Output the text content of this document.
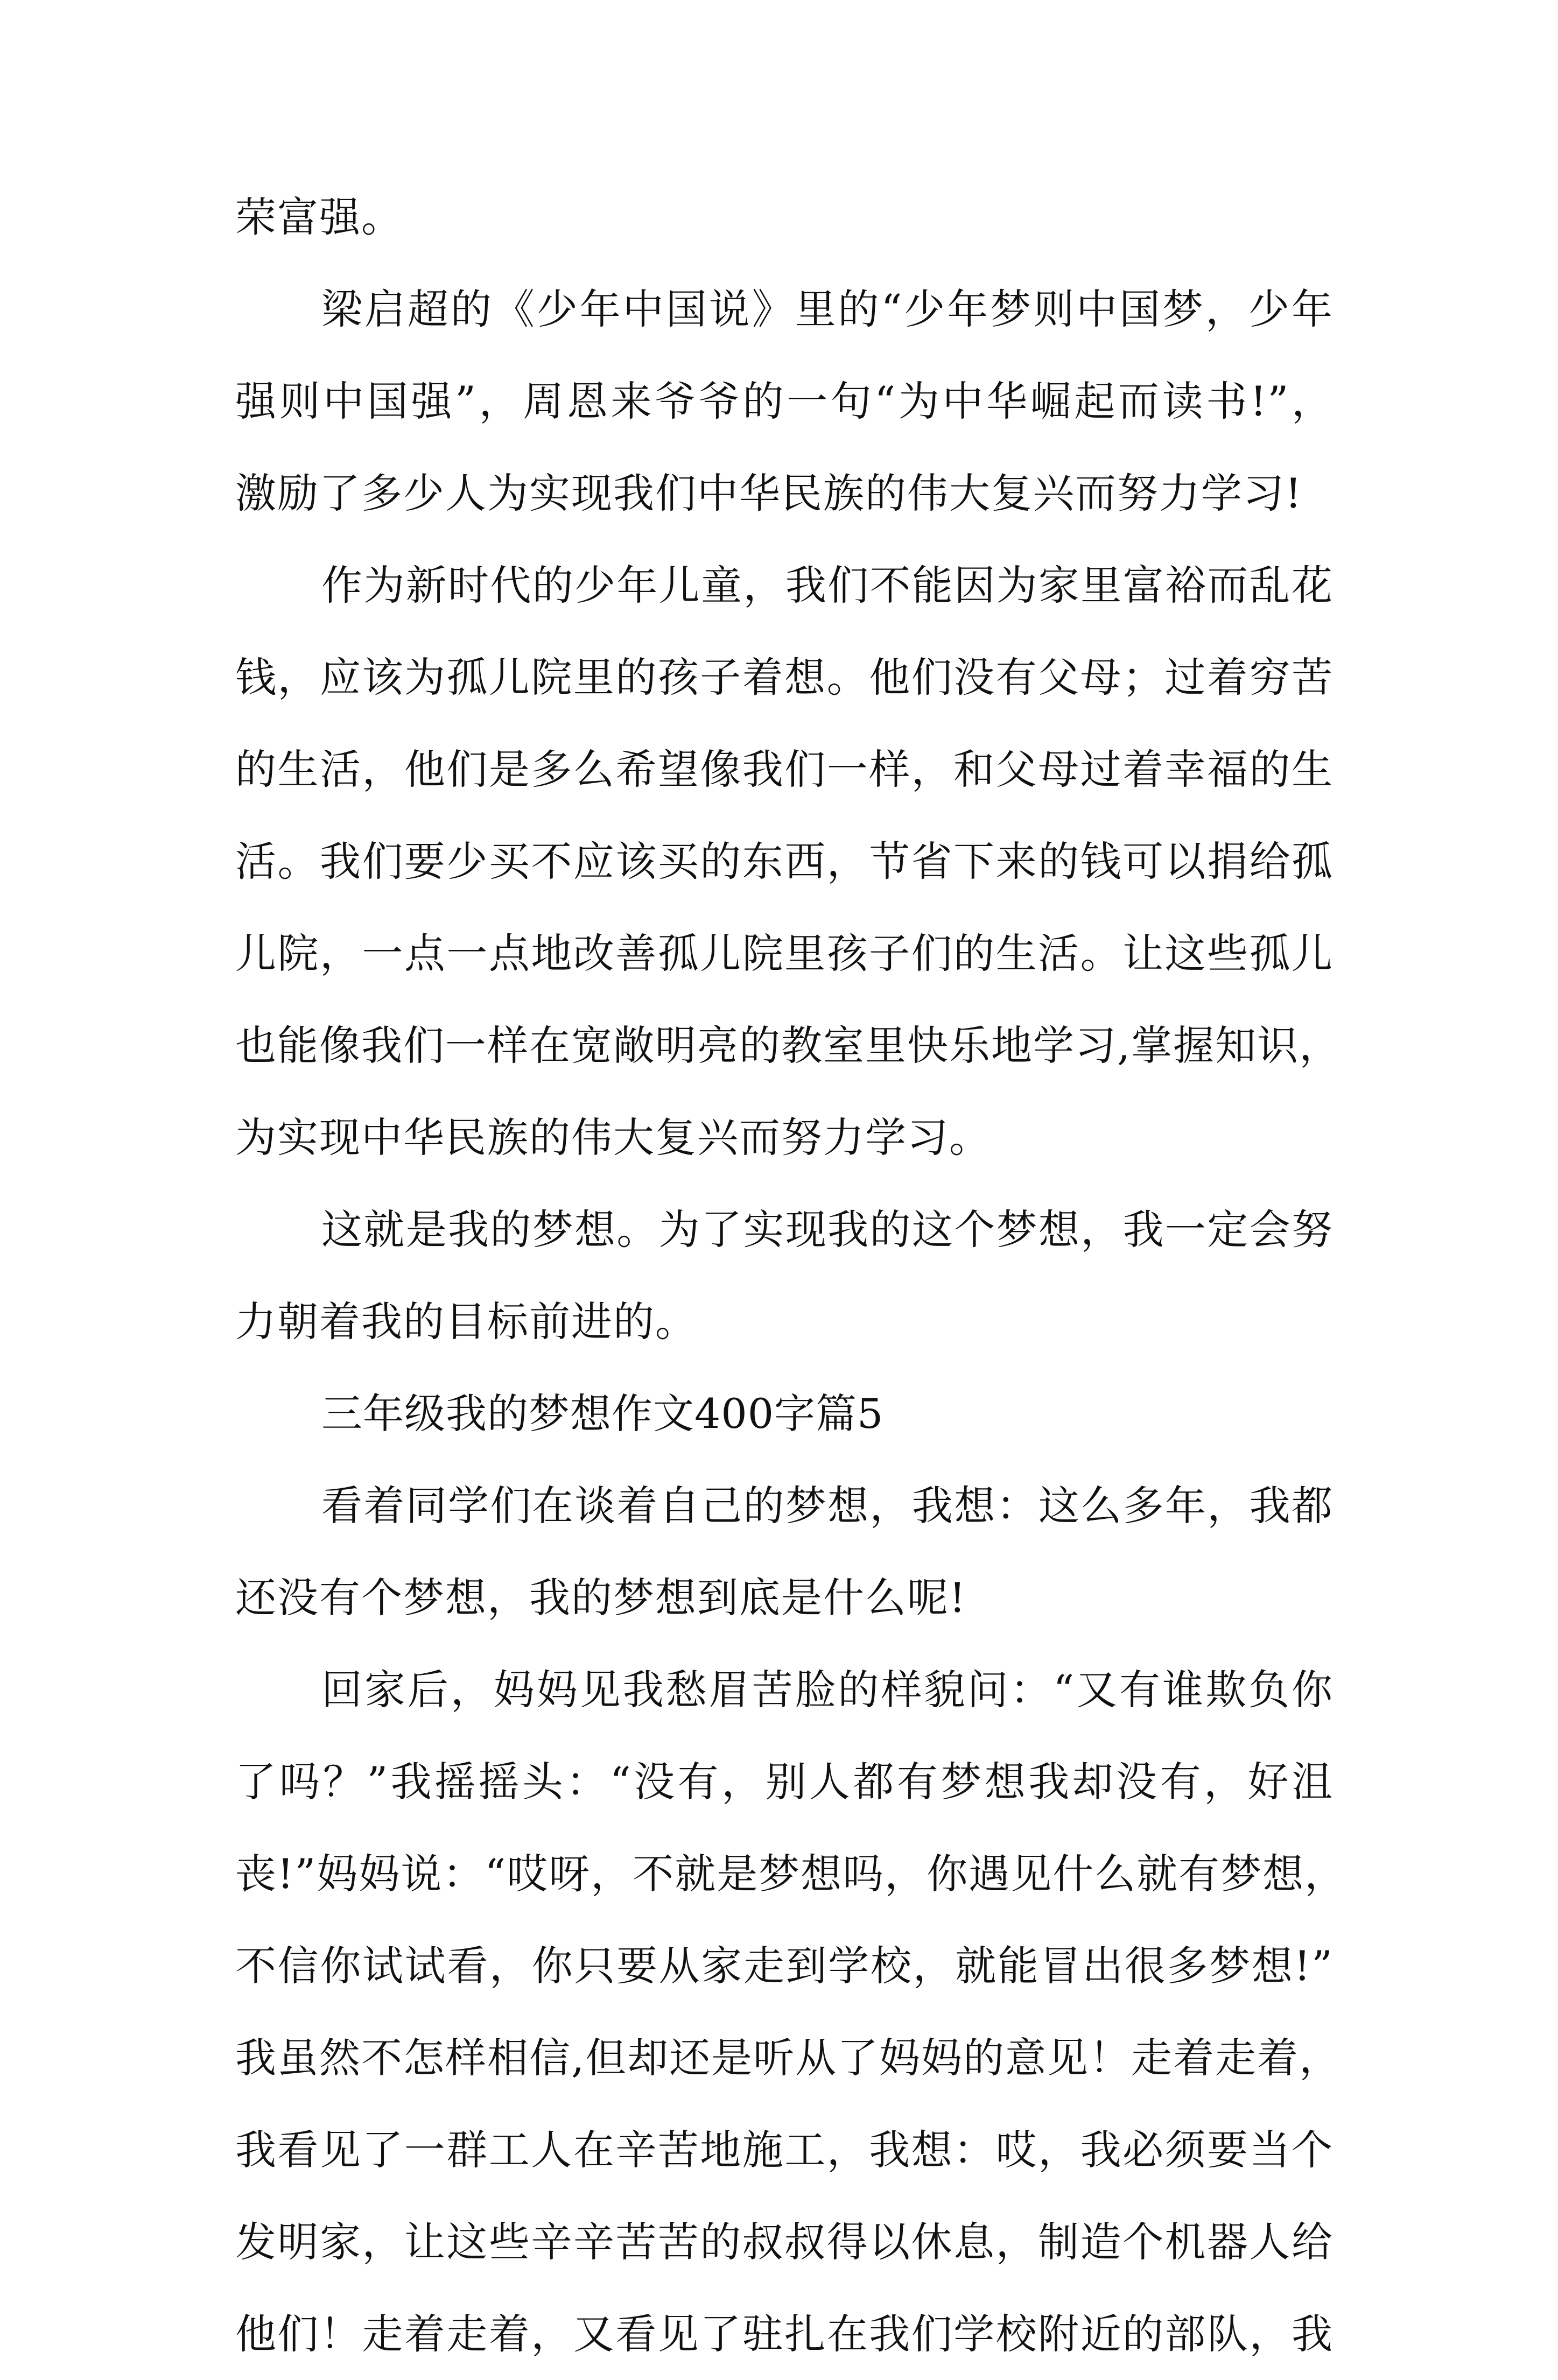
荣富强。
梁启超的《少年中国说》里的“少年梦则中国梦，少年
强则中国强”，周恩来爷爷的一句“为中华崛起而读书!”，
激励了多少人为实现我们中华民族的伟大复兴而努力学习!
作为新时代的少年儿童，我们不能因为家里富裕而乱花
钱，应该为孤儿院里的孩子着想。他们没有父母；过着穷苦
的生活，他们是多么希望像我们一样，和父母过着幸福的生
活。我们要少买不应该买的东西，节省下来的钱可以捐给孤
儿院，一点一点地改善孤儿院里孩子们的生活。让这些孤儿
也能像我们一样在宽敞明亮的教室里快乐地学习,掌握知识，
为实现中华民族的伟大复兴而努力学习。
这就是我的梦想。为了实现我的这个梦想，我一定会努
力朝着我的目标前进的。
三年级我的梦想作文400字篇5
看着同学们在谈着自己的梦想，我想：这么多年，我都
还没有个梦想，我的梦想到底是什么呢!
回家后，妈妈见我愁眉苦脸的样貌问：“又有谁欺负你
了吗？”我摇摇头：“没有，别人都有梦想我却没有，好沮
丧!”妈妈说：“哎呀，不就是梦想吗，你遇见什么就有梦想，
不信你试试看，你只要从家走到学校，就能冒出很多梦想!”
我虽然不怎样相信,但却还是听从了妈妈的意见！走着走着，
我看见了一群工人在辛苦地施工，我想：哎，我必须要当个
发明家，让这些辛辛苦苦的叔叔得以休息，制造个机器人给
他们！走着走着，又看见了驻扎在我们学校附近的部队，我
